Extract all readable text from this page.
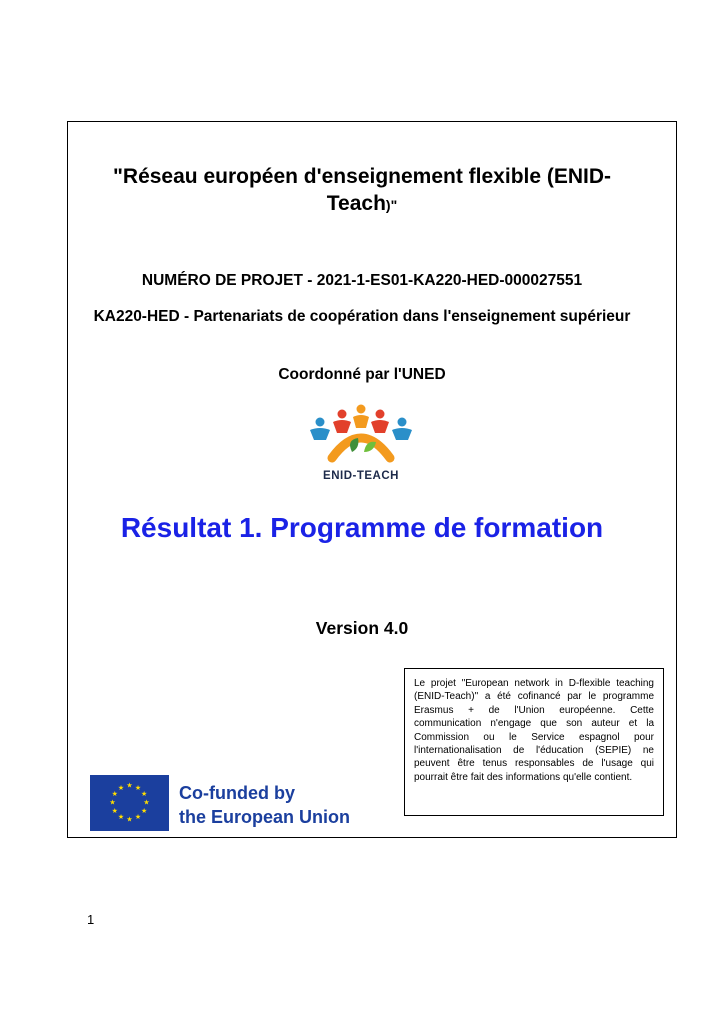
"Réseau européen d'enseignement flexible (ENID-
Teach)"
NUMÉRO DE PROJET - 2021-1-ES01-KA220-HED-000027551
KA220-HED - Partenariats de coopération dans l'enseignement supérieur
Coordonné par l'UNED
ENID-TEACH
Résultat 1. Programme de formation
Version 4.0
Le projet "European network in D-flexible teaching (ENID-Teach)" a été cofinancé par le programme Erasmus + de l'Union européenne. Cette communication n'engage que son auteur et la Commission ou le Service espagnol pour l'internationalisation de l'éducation (SEPIE) ne peuvent être tenus responsables de l'usage qui pourrait être fait des informations qu'elle contient.
★ ★
★
★
★
★
★
★
★
★
★
★	Co-funded by
the European Union
1
